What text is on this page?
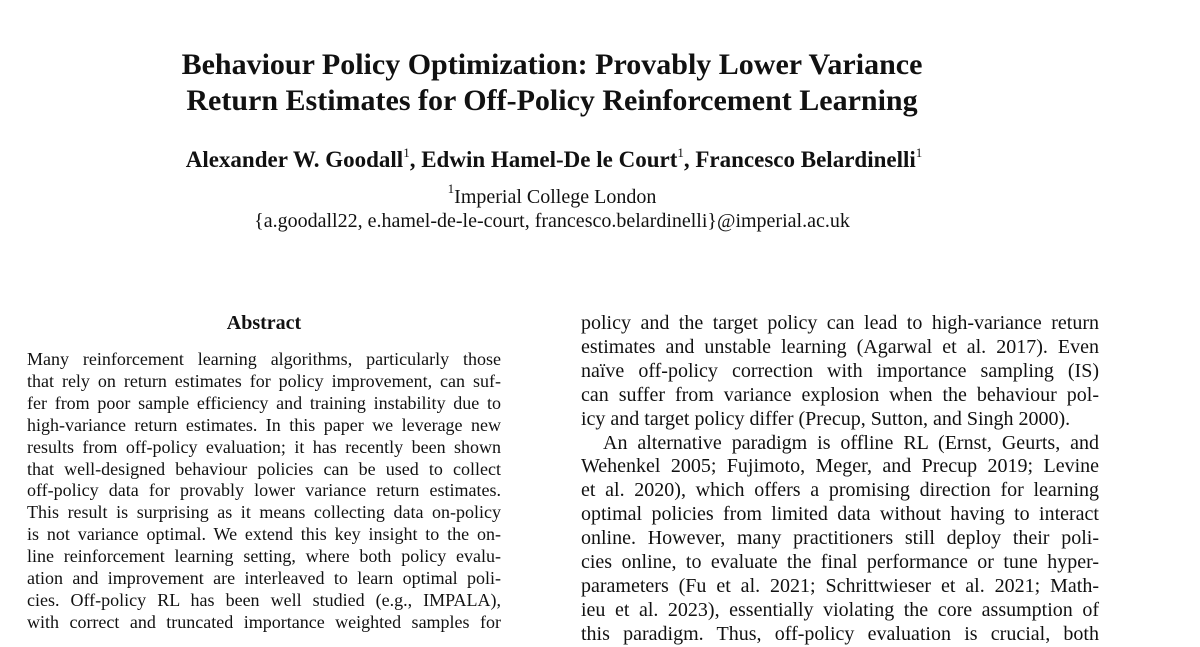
Behaviour Policy Optimization: Provably Lower Variance
Return Estimates for Off-Policy Reinforcement Learning
Alexander W. Goodall$^1$, Edwin Hamel-De le Court$^1$, Francesco Belardinelli$^1$
$^1$Imperial College London
{a.goodall22, e.hamel-de-le-court, francesco.belardinelli}@imperial.ac.uk
Abstract
Many reinforcement learning algorithms, particularly those
that rely on return estimates for policy improvement, can suf-
fer from poor sample efficiency and training instability due to
high-variance return estimates. In this paper we leverage new
results from off-policy evaluation; it has recently been shown
that well-designed behaviour policies can be used to collect
off-policy data for provably lower variance return estimates.
This result is surprising as it means collecting data on-policy
is not variance optimal. We extend this key insight to the on-
line reinforcement learning setting, where both policy evalu-
ation and improvement are interleaved to learn optimal poli-
cies. Off-policy RL has been well studied (e.g., IMPALA),
with correct and truncated importance weighted samples for
policy and the target policy can lead to high-variance return
estimates and unstable learning (Agarwal et al. 2017). Even
naïve off-policy correction with importance sampling (IS)
can suffer from variance explosion when the behaviour pol-
icy and target policy differ (Precup, Sutton, and Singh 2000).
An alternative paradigm is offline RL (Ernst, Geurts, and
Wehenkel 2005; Fujimoto, Meger, and Precup 2019; Levine
et al. 2020), which offers a promising direction for learning
optimal policies from limited data without having to interact
online. However, many practitioners still deploy their poli-
cies online, to evaluate the final performance or tune hyper-
parameters (Fu et al. 2021; Schrittwieser et al. 2021; Math-
ieu et al. 2023), essentially violating the core assumption of
this paradigm. Thus, off-policy evaluation is crucial, both
